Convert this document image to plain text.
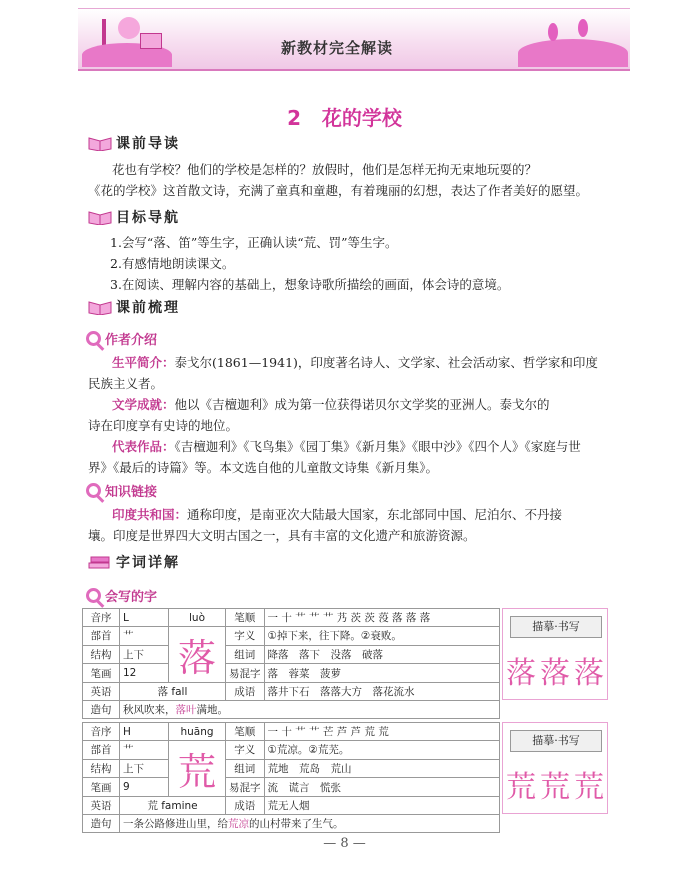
新教材完全解读
2 花的学校
课前导读
花也有学校？他们的学校是怎样的？放假时，他们是怎样无拘无束地玩耍的？
《花的学校》这首散文诗，充满了童真和童趣，有着瑰丽的幻想，表达了作者美好的愿望。
目标导航
1.会写“落、笛”等生字，正确认读“荒、罚”等生字。
2.有感情地朗读课文。
3.在阅读、理解内容的基础上，想象诗歌所描绘的画面，体会诗的意境。
课前梳理
作者介绍
生平简介：泰戈尔(1861—1941)，印度著名诗人、文学家、社会活动家、哲学家和印度
民族主义者。
文学成就：他以《吉檀迦利》成为第一位获得诺贝尔文学奖的亚洲人。泰戈尔的
诗在印度享有史诗的地位。
代表作品：《吉檀迦利》《飞鸟集》《园丁集》《新月集》《眼中沙》《四个人》《家庭与世
界》《最后的诗篇》等。本文选自他的儿童散文诗集《新月集》。
知识链接
印度共和国：通称印度，是南亚次大陆最大国家，东北部同中国、尼泊尔、不丹接
壤。印度是世界四大文明古国之一，具有丰富的文化遗产和旅游资源。
字词详解
会写的字
音序	L	luò	笔顺	一 十 艹 艹 艹 艿 茨 茨 莈 落 落 落
部首	艹	落	字义	①掉下来，往下降。②衰败。
结构	上下		组词	降落　落下　没落　破落
笔画	12		易混字	落　蓉菜　菠萝
英语	落 fall		成语	落井下石　落落大方　落花流水
造句	秋风吹来，落叶满地。			
描摹·书写
落落落
音序	H	huāng	笔顺	一 十 艹 艹 芒 芦 芦 荒 荒
部首	艹	荒	字义	①荒凉。②荒芜。
结构	上下		组词	荒地　荒岛　荒山
笔画	9		易混字	流　谎言　慌张
英语	荒 famine		成语	荒无人烟
造句	一条公路修进山里，给荒凉的山村带来了生气。			
描摹·书写
荒荒荒
— 8 —
